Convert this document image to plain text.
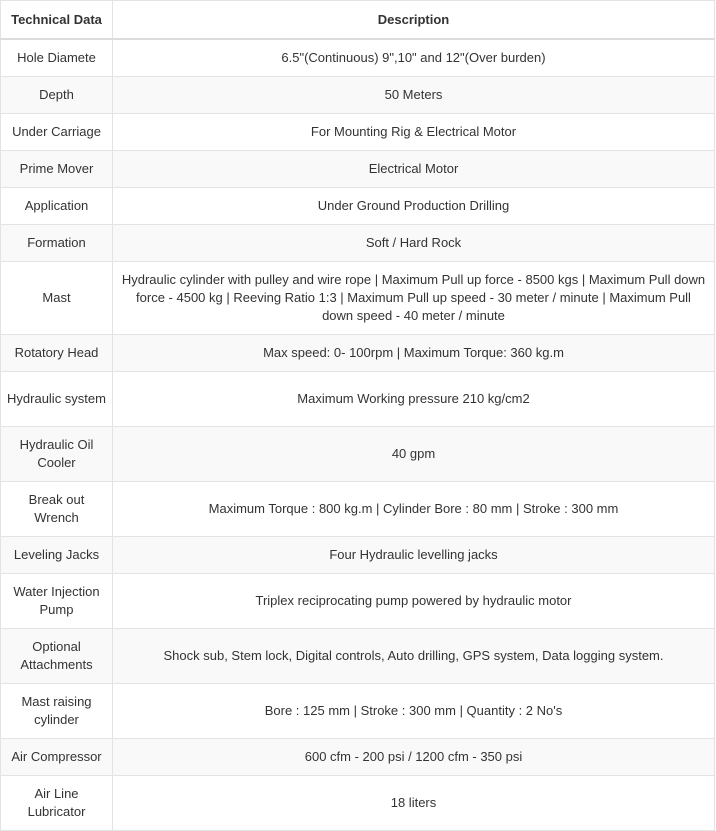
Technical Data	Description
Hole Diamete	6.5"(Continuous) 9",10" and 12"(Over burden)
Depth	50 Meters
Under Carriage	For Mounting Rig & Electrical Motor
Prime Mover	Electrical Motor
Application	Under Ground Production Drilling
Formation	Soft / Hard Rock
Mast	Hydraulic cylinder with pulley and wire rope | Maximum Pull up force - 8500 kgs | Maximum Pull down force - 4500 kg | Reeving Ratio 1:3 | Maximum Pull up speed - 30 meter / minute | Maximum Pull down speed - 40 meter / minute
Rotatory Head	Max speed: 0- 100rpm | Maximum Torque: 360 kg.m
Hydraulic system	Maximum Working pressure 210 kg/cm2
Hydraulic Oil Cooler	40 gpm
Break out Wrench	Maximum Torque : 800 kg.m | Cylinder Bore : 80 mm | Stroke : 300 mm
Leveling Jacks	Four Hydraulic levelling jacks
Water Injection Pump	Triplex reciprocating pump powered by hydraulic motor
Optional Attachments	Shock sub, Stem lock, Digital controls, Auto drilling, GPS system, Data logging system.
Mast raising cylinder	Bore : 125 mm | Stroke : 300 mm | Quantity : 2 No's
Air Compressor	600 cfm - 200 psi / 1200 cfm - 350 psi
Air Line Lubricator	18 liters
